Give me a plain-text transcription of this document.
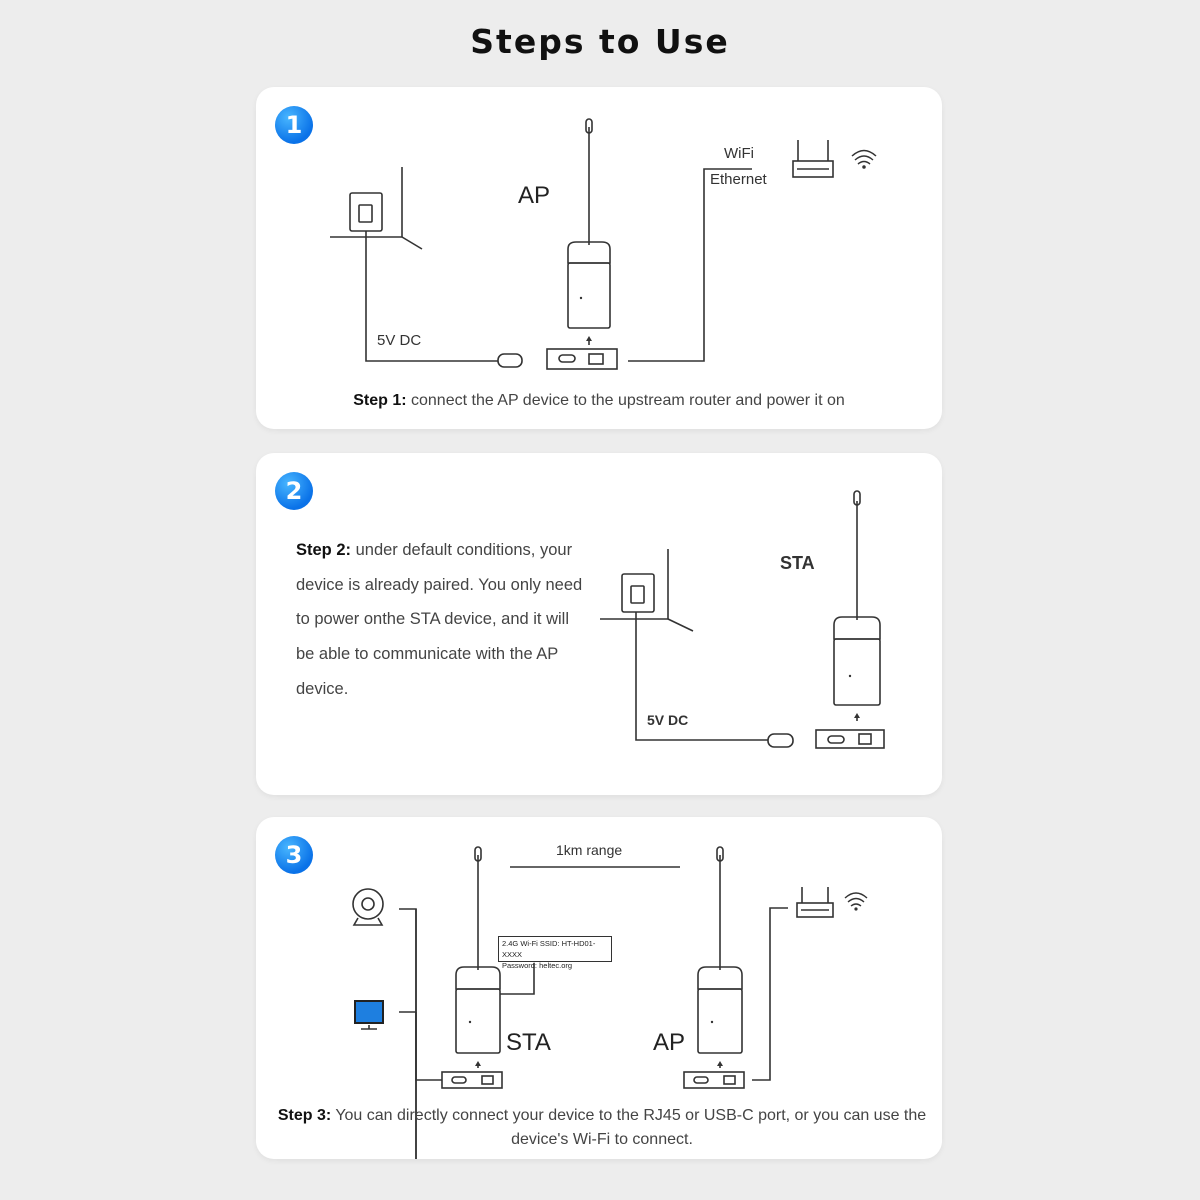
Steps to Use
1
AP
WiFi
Ethernet
5V DC
Step 1: connect the AP device to the upstream router and power it on
2
Step 2: under default conditions, your device is already paired. You only need to power onthe STA device, and it will be able to communicate with the AP device.
STA
5V DC
3	1km range
2.4G Wi-Fi SSID: HT-HD01-XXXX
Password: heltec.org
STA	AP
Step 3: You can directly connect your device to the RJ45 or USB-C port, or you can use the device's Wi-Fi to connect.
